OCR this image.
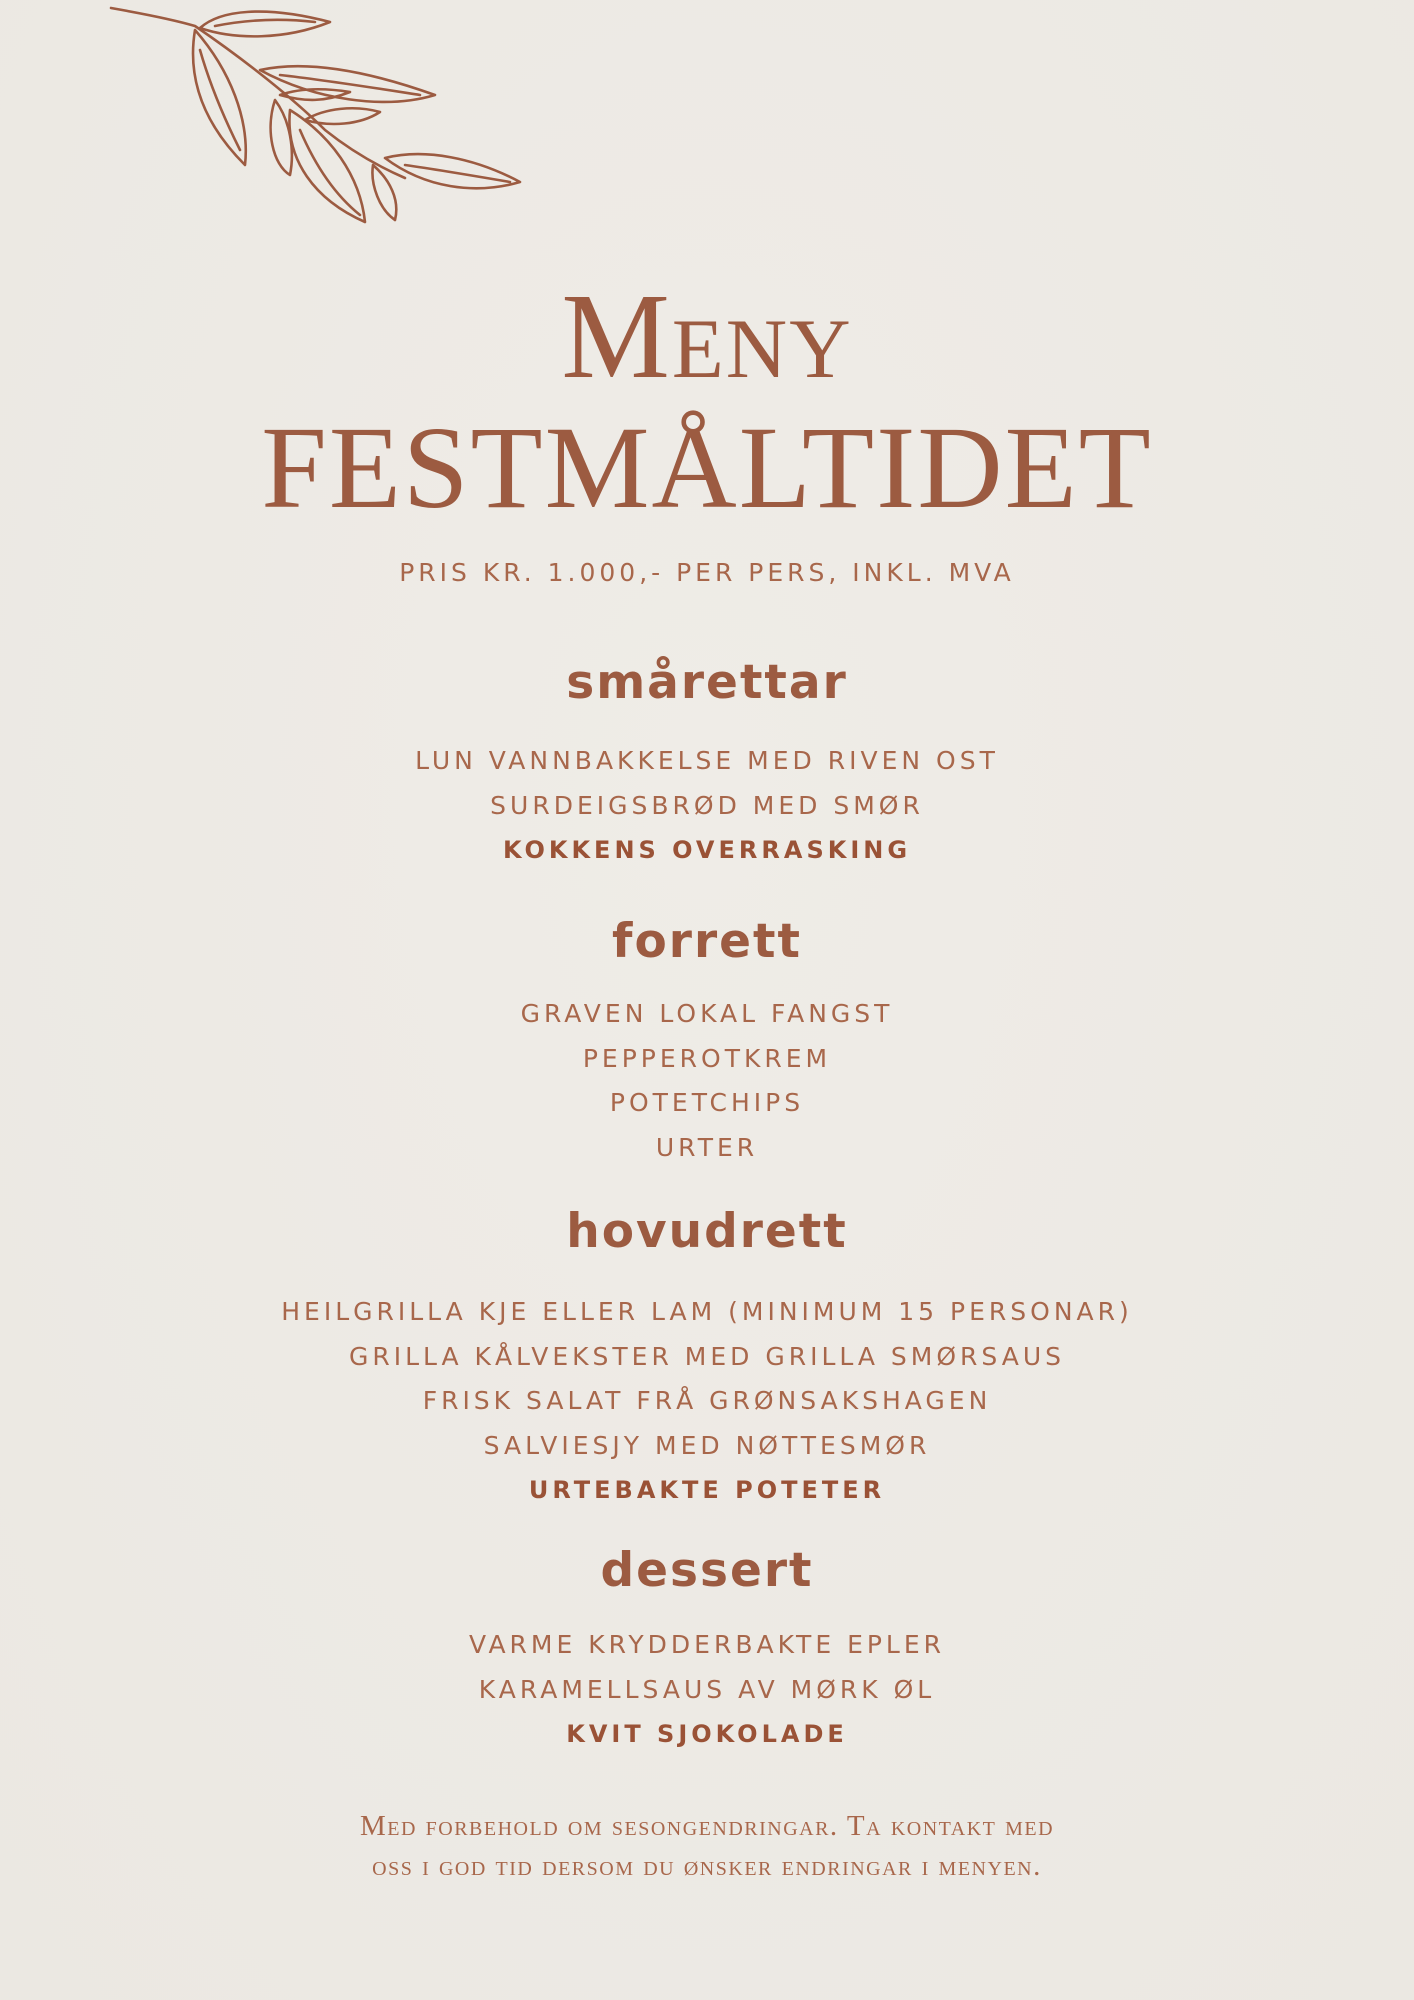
Meny
FESTMÅLTIDET
PRIS KR. 1.000,- PER PERS, INKL. MVA
smårettar
LUN VANNBAKKELSE MED RIVEN OST
SURDEIGSBRØD MED SMØR
KOKKENS OVERRASKING
forrett
GRAVEN LOKAL FANGST
PEPPEROTKREM
POTETCHIPS
URTER
hovudrett
HEILGRILLA KJE ELLER LAM (MINIMUM 15 PERSONAR)
GRILLA KÅLVEKSTER MED GRILLA SMØRSAUS
FRISK SALAT FRÅ GRØNSAKSHAGEN
SALVIESJY MED NØTTESMØR
URTEBAKTE POTETER
dessert
VARME KRYDDERBAKTE EPLER
KARAMELLSAUS AV MØRK ØL
KVIT SJOKOLADE
Med forbehold om sesongendringar. Ta kontakt med
oss i god tid dersom du ønsker endringar i menyen.
